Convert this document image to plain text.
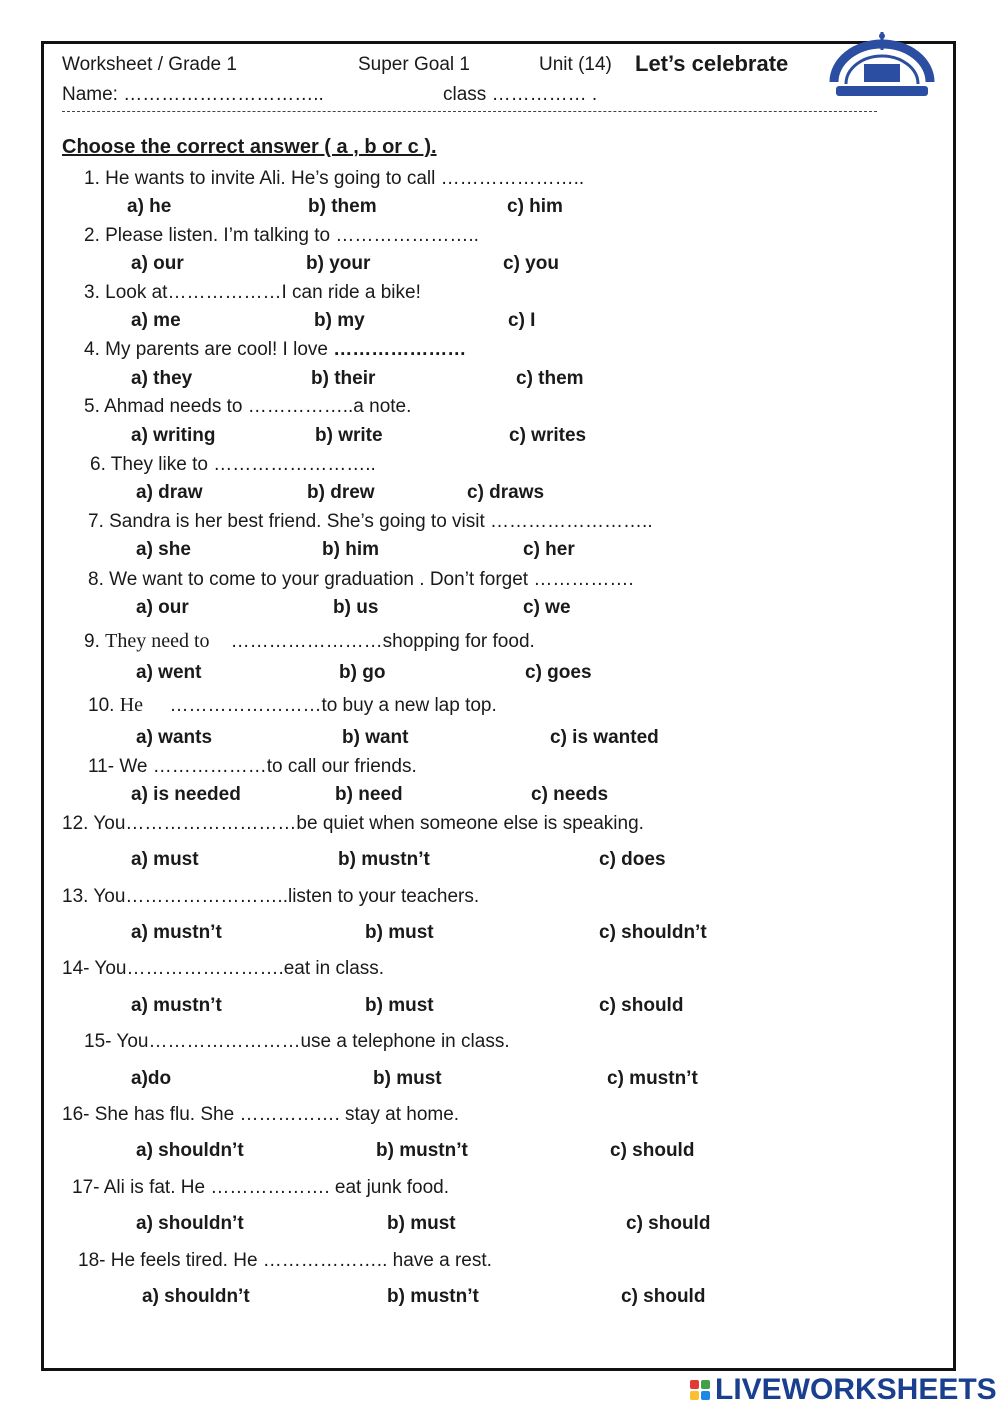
Worksheet / Grade 1	Super Goal 1	Unit (14) Let’s celebrate
Name: …………………………..	class …………… .
Choose the correct answer ( a , b or c ).
1. He wants to invite Ali. He’s going to call …………………..
a) he	b) them	c) him
2. Please listen. I’m talking to …………………..
a) our	b) your	c) you
3. Look at………………I can ride a bike!
a) me	b) my	c) I
4. My parents are cool! I love …………………
a) they	b) their	c) them
5. Ahmad needs to ……………..a note.
a) writing	b) write	c) writes
6. They like to ……………………..
a) draw	b) drew	c) draws
7. Sandra is her best friend. She’s going to visit ……………………..
a) she	b) him	c) her
8. We want to come to your graduation . Don’t forget …………….
a) our	b) us	c) we
9. They need to ……………………shopping for food.
a) went	b) go	c) goes
10. He ……………………to buy a new lap top.
a) wants	b) want	c) is wanted
11- We ………………to call our friends.
a) is needed	b) need	c) needs
12. You………………………be quiet when someone else is speaking.
a) must	b) mustn’t	c) does
13. You……………………..listen to your teachers.
a) mustn’t	b) must	c) shouldn’t
14- You…………………….eat in class.
a) mustn’t	b) must	c) should
15- You……………………use a telephone in class.
a)do	b) must	c) mustn’t
16- She has flu. She ……………. stay at home.
a) shouldn’t	b) mustn’t	c) should
17- Ali is fat. He ………………. eat junk food.
a) shouldn’t	b) must	c) should
18- He feels tired. He ……………….. have a rest.
a) shouldn’t	b) mustn’t	c) should
LIVEWORKSHEETS
